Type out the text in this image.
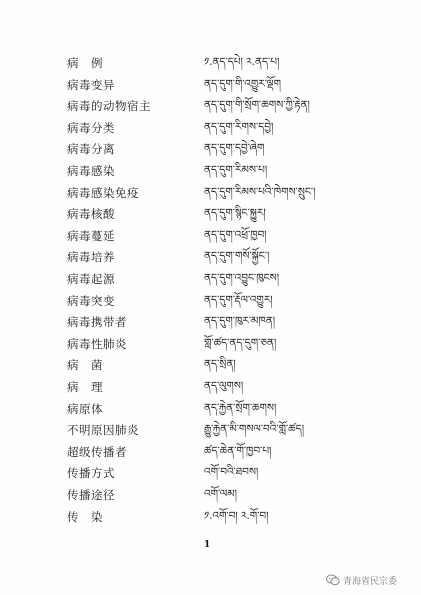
病　例	༡.ནད་དཔེ། ༢.ནད་པ།
病毒变异	ནད་དུག་གི་འགྱུར་ལྡོག
病毒的动物宿主	ནད་དུག་གི་སྲོག་ཆགས་ཀྱི་རྟེན།
病毒分类	ནད་དུག་རིགས་དབྱེ།
病毒分离	ནད་དུག་དབྱེ་ཞེག
病毒感染	ནད་དུག་རིམས་པ།
病毒感染免疫	ནད་དུག་རིམས་པའི་ཁེགས་སྲུང་།
病毒核酸	ནད་དུག་སྙིང་སྐྱུར།
病毒蔓延	ནད་དུག་འཕྲོ་ཁྱབ།
病毒培养	ནད་དུག་གསོ་སྐྱོང་།
病毒起源	ནད་དུག་འབྱུང་ཁུངས།
病毒突变	ནད་དུག་རྡོལ་འགྱུར།
病毒携带者	ནད་དུག་ཁུར་མཁན།
病毒性肺炎	གློ་ཚད་ནད་དུག་ཅན།
病　菌	ནད་སྲིན།
病　理	ནད་ལུགས།
病原体	ནད་རྐྱེན་སྲོག་ཆགས།
不明原因肺炎	རྒྱུ་རྐྱེན་མི་གསལ་བའི་གློ་ཚད།
超级传播者	ཚད་ཆེན་གོ་ཁྱབ་པ།
传播方式	འགོ་བའི་ཐབས།
传播途径	འགོ་ལམ།
传　染	༡.འགོ་བ། ༢.གོ་བ།
1
青海省民宗委
